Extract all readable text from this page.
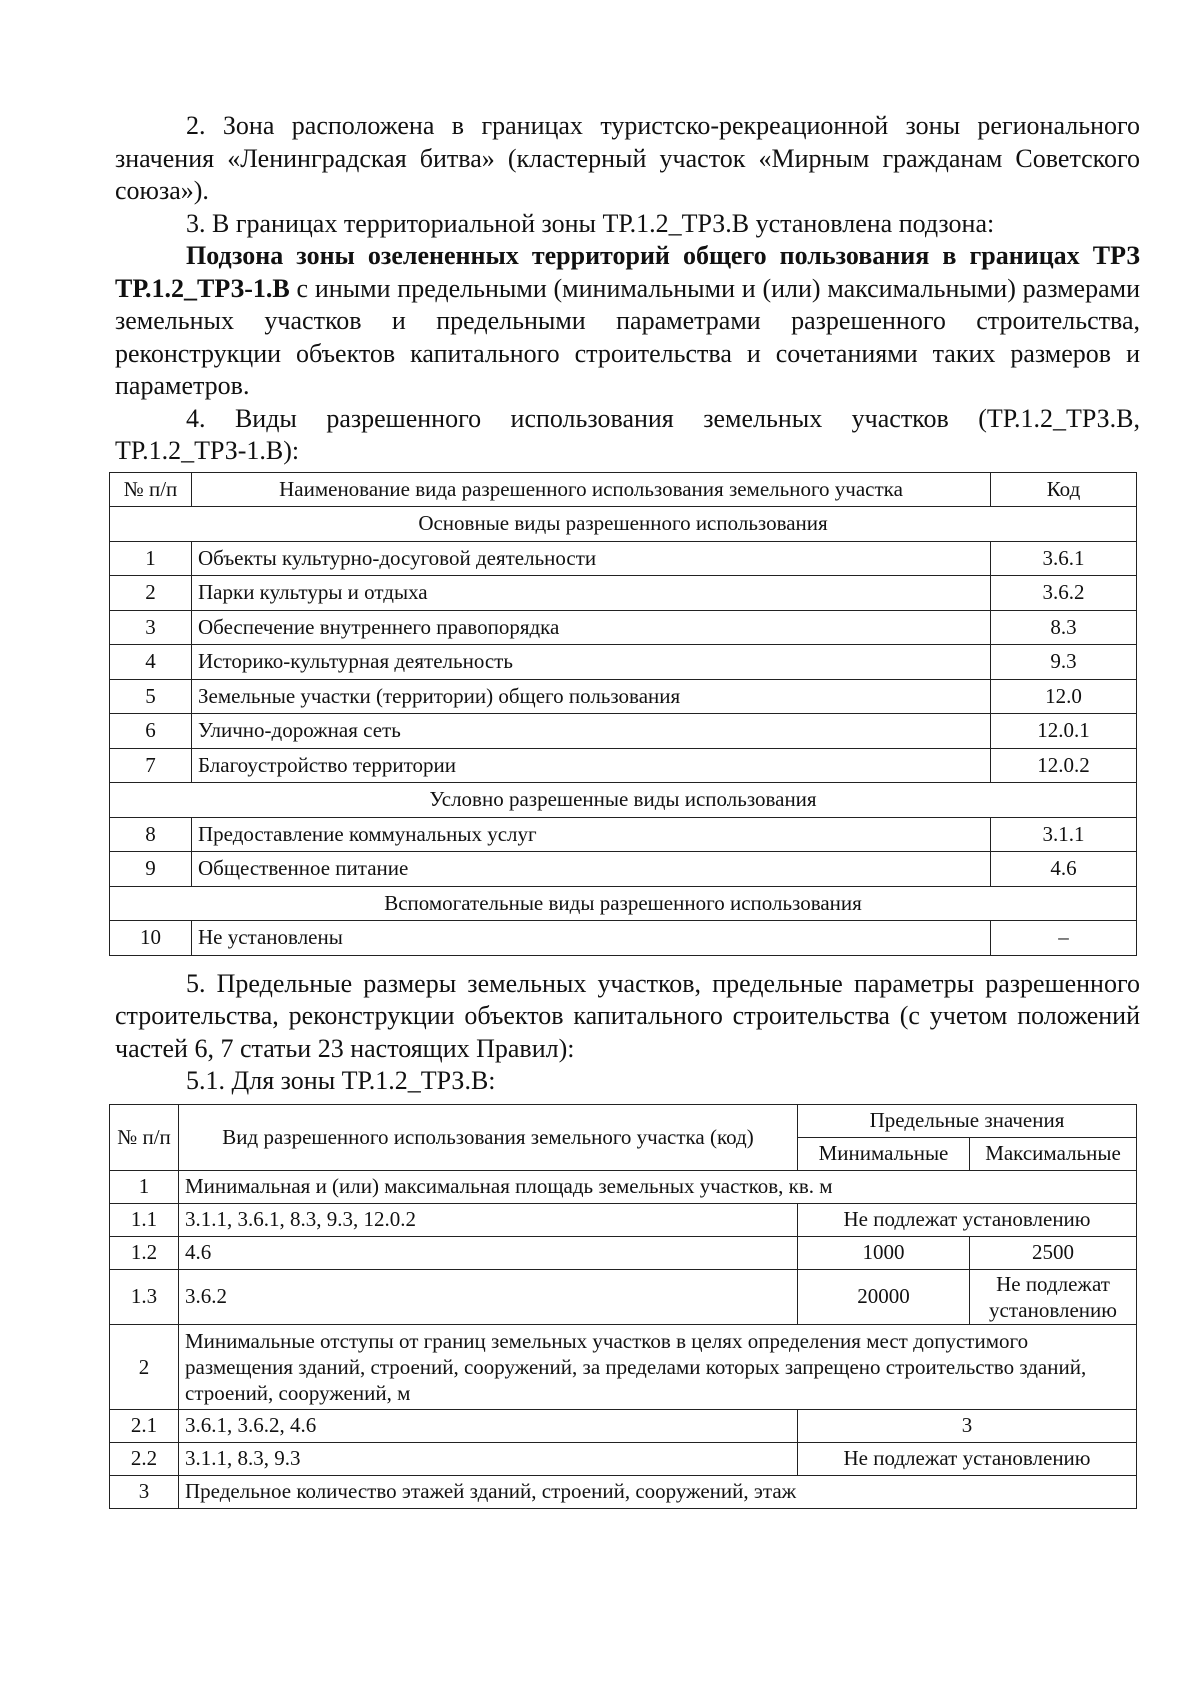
2. Зона расположена в границах туристско-рекреационной зоны регионального значения «Ленинградская битва» (кластерный участок «Мирным гражданам Советского союза»).

3. В границах территориальной зоны ТР.1.2_ТРЗ.В установлена подзона:

Подзона зоны озелененных территорий общего пользования в границах ТРЗ ТР.1.2_ТРЗ-1.В с иными предельными (минимальными и (или) максимальными) размерами земельных участков и предельными параметрами разрешенного строительства, реконструкции объектов капитального строительства и сочетаниями таких размеров и параметров.

4. Виды разрешенного использования земельных участков (ТР.1.2_ТРЗ.В, ТР.1.2_ТРЗ-1.В):

№ п/п	Наименование вида разрешенного использования земельного участка	Код
Основные виды разрешенного использования		
1	Объекты культурно-досуговой деятельности	3.6.1
2	Парки культуры и отдыха	3.6.2
3	Обеспечение внутреннего правопорядка	8.3
4	Историко-культурная деятельность	9.3
5	Земельные участки (территории) общего пользования	12.0
6	Улично-дорожная сеть	12.0.1
7	Благоустройство территории	12.0.2
Условно разрешенные виды использования		
8	Предоставление коммунальных услуг	3.1.1
9	Общественное питание	4.6
Вспомогательные виды разрешенного использования		
10	Не установлены	–

5. Предельные размеры земельных участков, предельные параметры разрешенного строительства, реконструкции объектов капитального строительства (с учетом положений частей 6, 7 статьи 23 настоящих Правил):

5.1. Для зоны ТР.1.2_ТРЗ.В:

№ п/п	Вид разрешенного использования земельного участка (код)	Предельные значения	
		Минимальные	Максимальные
1	Минимальная и (или) максимальная площадь земельных участков, кв. м		
1.1	3.1.1, 3.6.1, 8.3, 9.3, 12.0.2	Не подлежат установлению	
1.2	4.6	1000	2500
1.3	3.6.2	20000	Не подлежат установлению
2	Минимальные отступы от границ земельных участков в целях определения мест допустимого размещения зданий, строений, сооружений, за пределами которых запрещено строительство зданий, строений, сооружений, м		
2.1	3.6.1, 3.6.2, 4.6	3	
2.2	3.1.1, 8.3, 9.3	Не подлежат установлению	
3	Предельное количество этажей зданий, строений, сооружений, этаж		
